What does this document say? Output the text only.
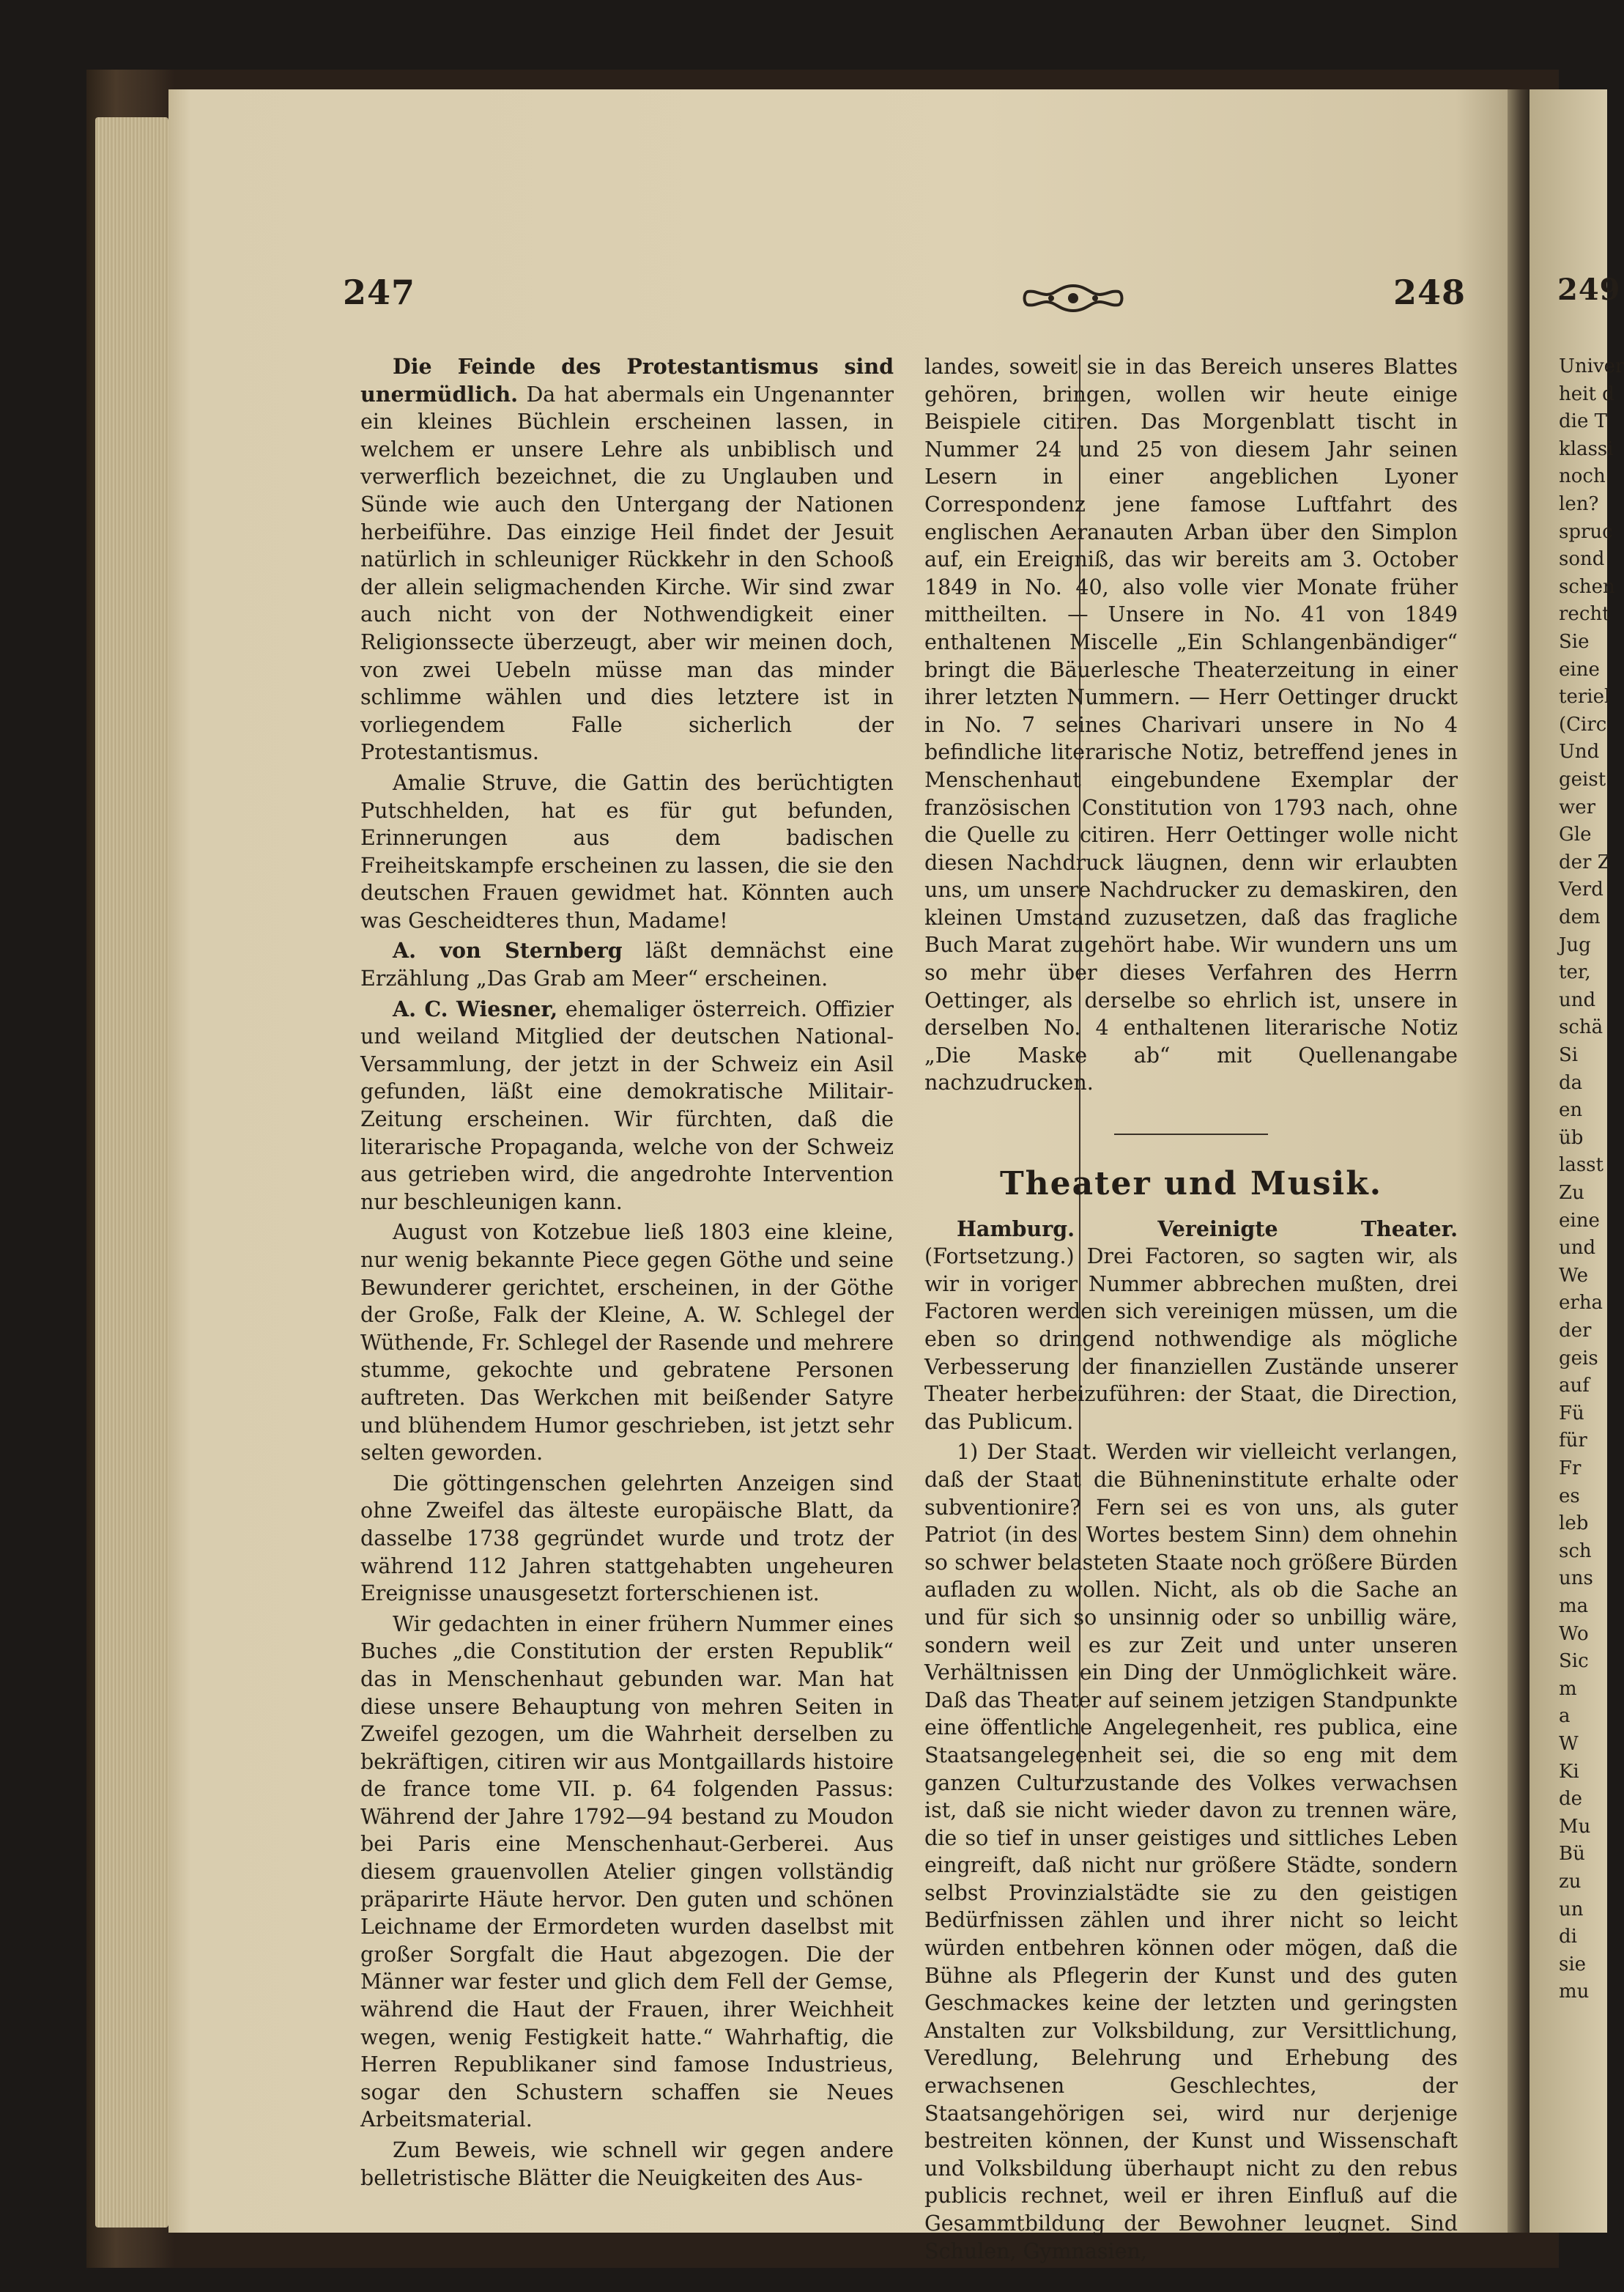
247	248

Die Feinde des Protestantismus sind unermüdlich. Da hat abermals ein Ungenannter ein kleines Büchlein erscheinen lassen, in welchem er unsere Lehre als unbiblisch und verwerflich bezeichnet, die zu Unglauben und Sünde wie auch den Untergang der Nationen herbeiführe. Das einzige Heil findet der Jesuit natürlich in schleuniger Rückkehr in den Schooß der allein seligmachenden Kirche. Wir sind zwar auch nicht von der Nothwendigkeit einer Religionssecte überzeugt, aber wir meinen doch, von zwei Uebeln müsse man das minder schlimme wählen und dies letztere ist in vorliegendem Falle sicherlich der Protestantismus.

Amalie Struve, die Gattin des berüchtigten Putschhelden, hat es für gut befunden, Erinnerungen aus dem badischen Freiheitskampfe erscheinen zu lassen, die sie den deutschen Frauen gewidmet hat. Könnten auch was Gescheidteres thun, Madame!

A. von Sternberg läßt demnächst eine Erzählung „Das Grab am Meer“ erscheinen.

A. C. Wiesner, ehemaliger österreich. Offizier und weiland Mitglied der deutschen National-Versammlung, der jetzt in der Schweiz ein Asil gefunden, läßt eine demokratische Militair-Zeitung erscheinen. Wir fürchten, daß die literarische Propaganda, welche von der Schweiz aus getrieben wird, die angedrohte Intervention nur beschleunigen kann.

August von Kotzebue ließ 1803 eine kleine, nur wenig bekannte Piece gegen Göthe und seine Bewunderer gerichtet, erscheinen, in der Göthe der Große, Falk der Kleine, A. W. Schlegel der Wüthende, Fr. Schlegel der Rasende und mehrere stumme, gekochte und gebratene Personen auftreten. Das Werkchen mit beißender Satyre und blühendem Humor geschrieben, ist jetzt sehr selten geworden.

Die göttingenschen gelehrten Anzeigen sind ohne Zweifel das älteste europäische Blatt, da dasselbe 1738 gegründet wurde und trotz der während 112 Jahren stattgehabten ungeheuren Ereignisse unausgesetzt forterschienen ist.

Wir gedachten in einer frühern Nummer eines Buches „die Constitution der ersten Republik“ das in Menschenhaut gebunden war. Man hat diese unsere Behauptung von mehren Seiten in Zweifel gezogen, um die Wahrheit derselben zu bekräftigen, citiren wir aus Montgaillards histoire de france tome VII. p. 64 folgenden Passus: Während der Jahre 1792—94 bestand zu Moudon bei Paris eine Menschenhaut-Gerberei. Aus diesem grauenvollen Atelier gingen vollständig präparirte Häute hervor. Den guten und schönen Leichname der Ermordeten wurden daselbst mit großer Sorgfalt die Haut abgezogen. Die der Männer war fester und glich dem Fell der Gemse, während die Haut der Frauen, ihrer Weichheit wegen, wenig Festigkeit hatte.“ Wahrhaftig, die Herren Republikaner sind famose Industrieus, sogar den Schustern schaffen sie Neues Arbeitsmaterial.

Zum Beweis, wie schnell wir gegen andere belletristische Blätter die Neuigkeiten des Aus-

landes, soweit sie in das Bereich unseres Blattes gehören, bringen, wollen wir heute einige Beispiele citiren. Das Morgenblatt tischt in Nummer 24 und 25 von diesem Jahr seinen Lesern in einer angeblichen Lyoner Correspondenz jene famose Luftfahrt des englischen Aeranauten Arban über den Simplon auf, ein Ereigniß, das wir bereits am 3. October 1849 in No. 40, also volle vier Monate früher mittheilten. — Unsere in No. 41 von 1849 enthaltenen Miscelle „Ein Schlangenbändiger“ bringt die Bäuerlesche Theaterzeitung in einer ihrer letzten Nummern. — Herr Oettinger druckt in No. 7 seines Charivari unsere in No 4 befindliche literarische Notiz, betreffend jenes in Menschenhaut eingebundene Exemplar der französischen Constitution von 1793 nach, ohne die Quelle zu citiren. Herr Oettinger wolle nicht diesen Nachdruck läugnen, denn wir erlaubten uns, um unsere Nachdrucker zu demaskiren, den kleinen Umstand zuzusetzen, daß das fragliche Buch Marat zugehört habe. Wir wundern uns um so mehr über dieses Verfahren des Herrn Oettinger, als derselbe so ehrlich ist, unsere in derselben No. 4 enthaltenen literarische Notiz „Die Maske ab“ mit Quellenangabe nachzudrucken.

Theater und Musik.

Hamburg. Vereinigte Theater. (Fortsetzung.) Drei Factoren, so sagten wir, als wir in voriger Nummer abbrechen mußten, drei Factoren werden sich vereinigen müssen, um die eben so dringend nothwendige als mögliche Verbesserung der finanziellen Zustände unserer Theater herbeizuführen: der Staat, die Direction, das Publicum.

1) Der Staat. Werden wir vielleicht verlangen, daß der Staat die Bühneninstitute erhalte oder subventionire? Fern sei es von uns, als guter Patriot (in des Wortes bestem Sinn) dem ohnehin so schwer belasteten Staate noch größere Bürden aufladen zu wollen. Nicht, als ob die Sache an und für sich so unsinnig oder so unbillig wäre, sondern weil es zur Zeit und unter unseren Verhältnissen ein Ding der Unmöglichkeit wäre. Daß das Theater auf seinem jetzigen Standpunkte eine öffentliche Angelegenheit, res publica, eine Staatsangelegenheit sei, die so eng mit dem ganzen Culturzustande des Volkes verwachsen ist, daß sie nicht wieder davon zu trennen wäre, die so tief in unser geistiges und sittliches Leben eingreift, daß nicht nur größere Städte, sondern selbst Provinzialstädte sie zu den geistigen Bedürfnissen zählen und ihrer nicht so leicht würden entbehren können oder mögen, daß die Bühne als Pflegerin der Kunst und des guten Geschmackes keine der letzten und geringsten Anstalten zur Volksbildung, zur Versittlichung, Veredlung, Belehrung und Erhebung des erwachsenen Geschlechtes, der Staatsangehörigen sei, wird nur derjenige bestreiten können, der Kunst und Wissenschaft und Volksbildung überhaupt nicht zu den rebus publicis rechnet, weil er ihren Einfluß auf die Gesammtbildung der Bewohner leugnet. Sind Schulen, Gymnasien,

249
Univer
heit d
die T
klassi
noch
len?
spruc
sond
schen
recht
Sie
eine
teriel
(Circ
Und
geist
wer
Gle
der Z
Verd
dem
Jug
ter,
und
schä
Si
da
en
üb
lasst
Zu
eine
und
We
erha
der
geis
auf
Fü
für
Fr
es
leb
sch
uns
ma
Wo
Sic
m
a
W
Ki
de
Mu
Bü
zu
un
di
sie
mu
